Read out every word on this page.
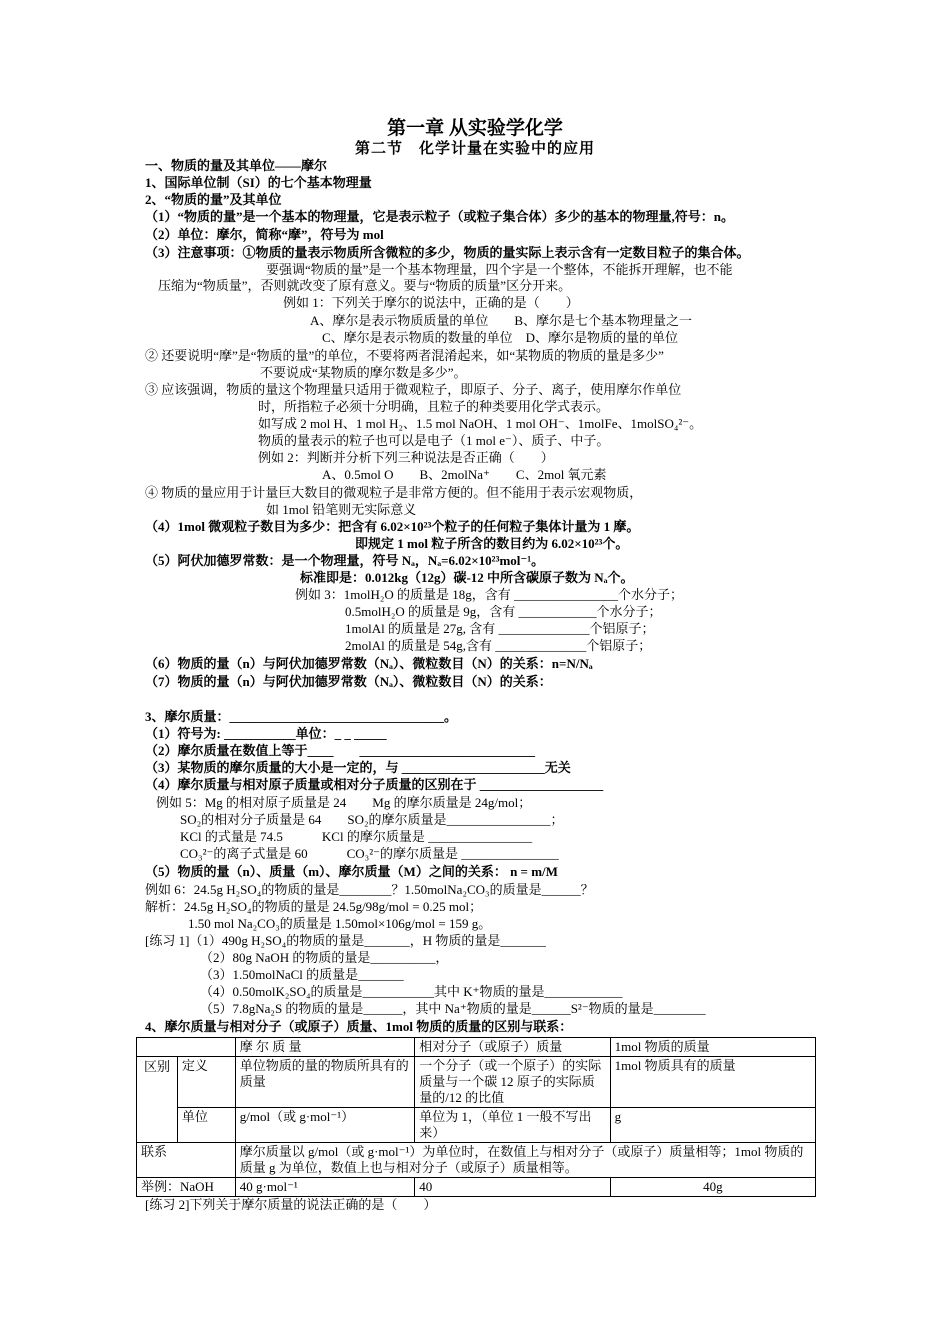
第一章 从实验学化学
第二节　化学计量在实验中的应用
一、物质的量及其单位——摩尔
1、国际单位制（SI）的七个基本物理量
2、“物质的量”及其单位
（1）“物质的量”是一个基本的物理量，它是表示粒子（或粒子集合体）多少的基本的物理量,符号：n。
（2）单位：摩尔，简称“摩”，符号为 mol
（3）注意事项：①物质的量表示物质所含微粒的多少，物质的量实际上表示含有一定数目粒子的集合体。
要强调“物质的量”是一个基本物理量，四个字是一个整体，不能拆开理解，也不能
压缩为“物质量”，否则就改变了原有意义。要与“物质的质量”区分开来。
例如 1：下列关于摩尔的说法中，正确的是（　　）
A、摩尔是表示物质质量的单位　　B、摩尔是七个基本物理量之一
C、摩尔是表示物质的数量的单位　D、摩尔是物质的量的单位
② 还要说明“摩”是“物质的量”的单位，不要将两者混淆起来，如“某物质的物质的量是多少”
不要说成“某物质的摩尔数是多少”。
③ 应该强调，物质的量这个物理量只适用于微观粒子，即原子、分子、离子，使用摩尔作单位
时，所指粒子必须十分明确，且粒子的种类要用化学式表示。
如写成 2 mol H、1 mol H₂、1.5 mol NaOH、1 mol OH⁻、1molFe、1molSO₄²⁻。
物质的量表示的粒子也可以是电子（1 mol e⁻）、质子、中子。
例如 2：判断并分析下列三种说法是否正确（　　）
A、0.5mol O　　B、2molNa⁺　　C、2mol 氧元素
④ 物质的量应用于计量巨大数目的微观粒子是非常方便的。但不能用于表示宏观物质，
如 1mol 铅笔则无实际意义
（4）1mol 微观粒子数目为多少：把含有 6.02×10²³个粒子的任何粒子集体计量为 1 摩。
即规定 1 mol 粒子所含的数目约为 6.02×10²³个。
（5）阿伏加德罗常数：是一个物理量，符号 Nₐ，Nₐ=6.02×10²³mol⁻¹。
标准即是：0.012kg（12g）碳-12 中所含碳原子数为 Nₐ个。
例如 3：1molH₂O 的质量是 18g，含有 ________________个水分子；
0.5molH₂O 的质量是 9g，含有 ____________个水分子；
1molAl 的质量是 27g, 含有 ______________个铝原子；
2molAl 的质量是 54g,含有 ______________个铝原子；
（6）物质的量（n）与阿伏加德罗常数（Nₐ）、微粒数目（N）的关系：n=N/Nₐ
（7）物质的量（n）与阿伏加德罗常数（Nₐ）、微粒数目（N）的关系：
3、摩尔质量：_________________________________。
（1）符号为: ___________单位：_ _ _____
（2）摩尔质量在数值上等于____　　___________________________
（3）某物质的摩尔质量的大小是一定的，与 ______________________无关
（4）摩尔质量与相对原子质量或相对分子质量的区别在于 ___________________
例如 5：Mg 的相对原子质量是 24　　Mg 的摩尔质量是 24g/mol；
SO₂的相对分子质量是 64　　SO₂的摩尔质量是________________；
KCl 的式量是 74.5　　　KCl 的摩尔质量是 ________________
CO₃²⁻的离子式量是 60　　　CO₃²⁻的摩尔质量是 _______________
（5）物质的量（n）、质量（m）、摩尔质量（M）之间的关系： n = m/M
例如 6：24.5g H₂SO₄的物质的量是________？1.50molNa₂CO₃的质量是______？
解析：24.5g H₂SO₄的物质的量是 24.5g/98g/mol = 0.25 mol；
1.50 mol Na₂CO₃的质量是 1.50mol×106g/mol = 159 g。
[练习 1]（1）490g H₂SO₄的物质的量是_______，H 物质的量是_______
（2）80g NaOH 的物质的量是__________，
（3）1.50molNaCl 的质量是_______
（4）0.50molK₂SO₄的质量是___________其中 K⁺物质的量是____________
（5）7.8gNa₂S 的物质的量是______，其中 Na⁺物质的量是______S²⁻物质的量是________
4、摩尔质量与相对分子（或原子）质量、1mol 物质的质量的区别与联系：
[练习 2]下列关于摩尔质量的说法正确的是（　　）
		摩 尔 质 量	相对分子（或原子）质量	1mol 物质的质量
区别	定义	单位物质的量的物质所具有的质量	一个分子（或一个原子）的实际质量与一个碳 12 原子的实际质量的/12 的比值	1mol 物质具有的质量
	单位	g/mol（或 g·mol⁻¹）	单位为 1，（单位 1 一般不写出来）	g
联系		摩尔质量以 g/mol（或 g·mol⁻¹）为单位时，在数值上与相对分子（或原子）质量相等；1mol 物质的质量 g 为单位，数值上也与相对分子（或原子）质量相等。		
举例：NaOH		40 g·mol⁻¹	40	40g
